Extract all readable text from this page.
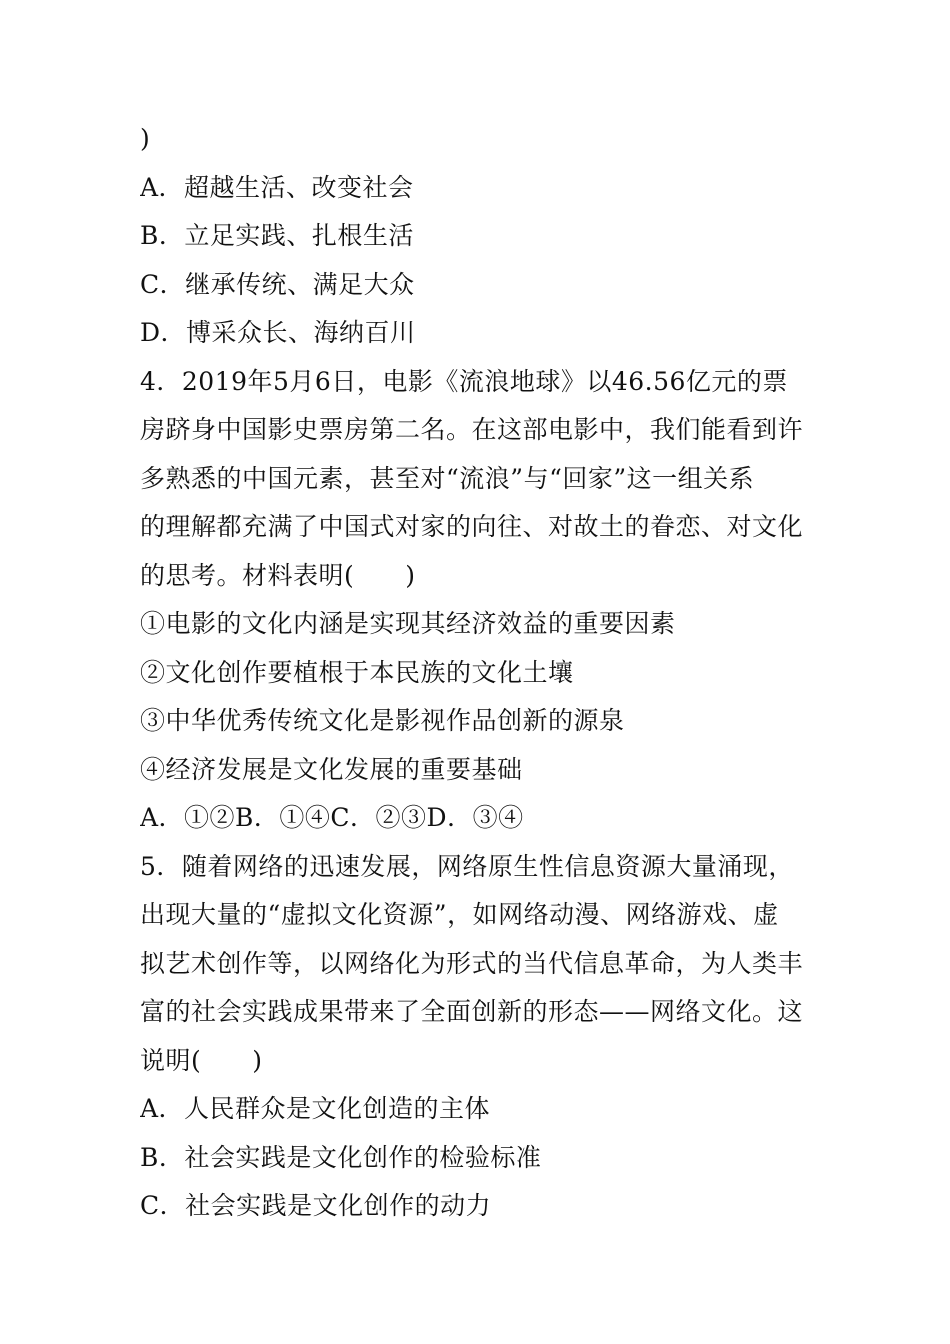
)
A．超越生活、改变社会
B．立足实践、扎根生活
C．继承传统、满足大众
D．博采众长、海纳百川
4．2019年5月6日，电影《流浪地球》以46.56亿元的票
房跻身中国影史票房第二名。在这部电影中，我们能看到许
多熟悉的中国元素，甚至对“流浪”与“回家”这一组关系
的理解都充满了中国式对家的向往、对故土的眷恋、对文化
的思考。材料表明(　　)
①电影的文化内涵是实现其经济效益的重要因素
②文化创作要植根于本民族的文化土壤
③中华优秀传统文化是影视作品创新的源泉
④经济发展是文化发展的重要基础
A．①②B．①④C．②③D．③④
5．随着网络的迅速发展，网络原生性信息资源大量涌现，
出现大量的“虚拟文化资源”，如网络动漫、网络游戏、虚
拟艺术创作等，以网络化为形式的当代信息革命，为人类丰
富的社会实践成果带来了全面创新的形态——网络文化。这
说明(　　)
A．人民群众是文化创造的主体
B．社会实践是文化创作的检验标准
C．社会实践是文化创作的动力
